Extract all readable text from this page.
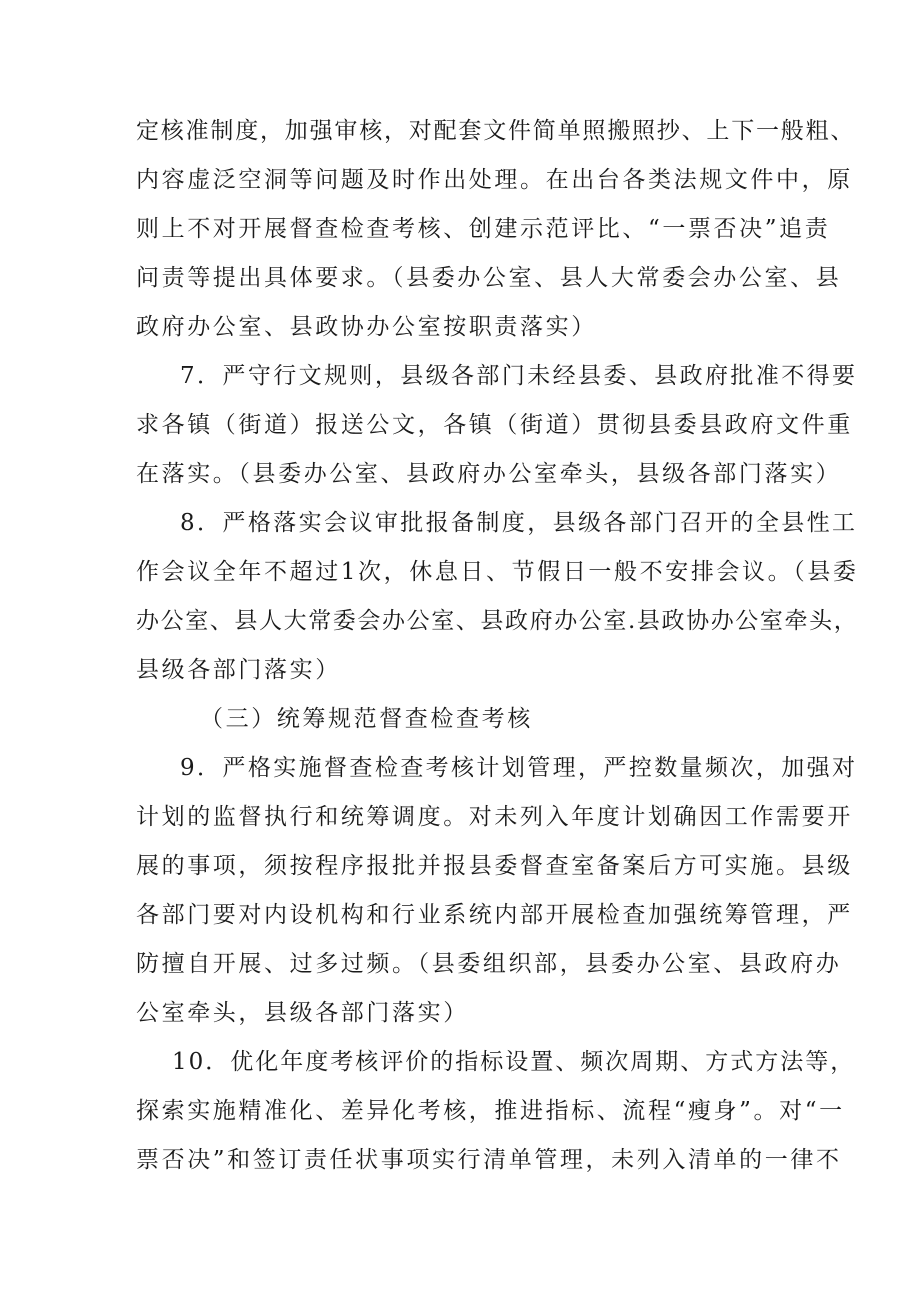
定核准制度，加强审核，对配套文件简单照搬照抄、上下一般粗、
内容虚泛空洞等问题及时作出处理。在出台各类法规文件中，原
则上不对开展督查检查考核、创建示范评比、“一票否决”追责
问责等提出具体要求。（县委办公室、县人大常委会办公室、县
政府办公室、县政协办公室按职责落实）
7．严守行文规则，县级各部门未经县委、县政府批准不得要
求各镇（街道）报送公文，各镇（街道）贯彻县委县政府文件重
在落实。（县委办公室、县政府办公室牵头，县级各部门落实）
8．严格落实会议审批报备制度，县级各部门召开的全县性工
作会议全年不超过1次，休息日、节假日一般不安排会议。（县委
办公室、县人大常委会办公室、县政府办公室.县政协办公室牵头，
县级各部门落实）
（三）统筹规范督查检查考核
9．严格实施督查检查考核计划管理，严控数量频次，加强对
计划的监督执行和统筹调度。对未列入年度计划确因工作需要开
展的事项，须按程序报批并报县委督查室备案后方可实施。县级
各部门要对内设机构和行业系统内部开展检查加强统筹管理，严
防擅自开展、过多过频。（县委组织部，县委办公室、县政府办
公室牵头，县级各部门落实）
10．优化年度考核评价的指标设置、频次周期、方式方法等，
探索实施精准化、差异化考核，推进指标、流程“瘦身”。对“一
票否决”和签订责任状事项实行清单管理，未列入清单的一律不
